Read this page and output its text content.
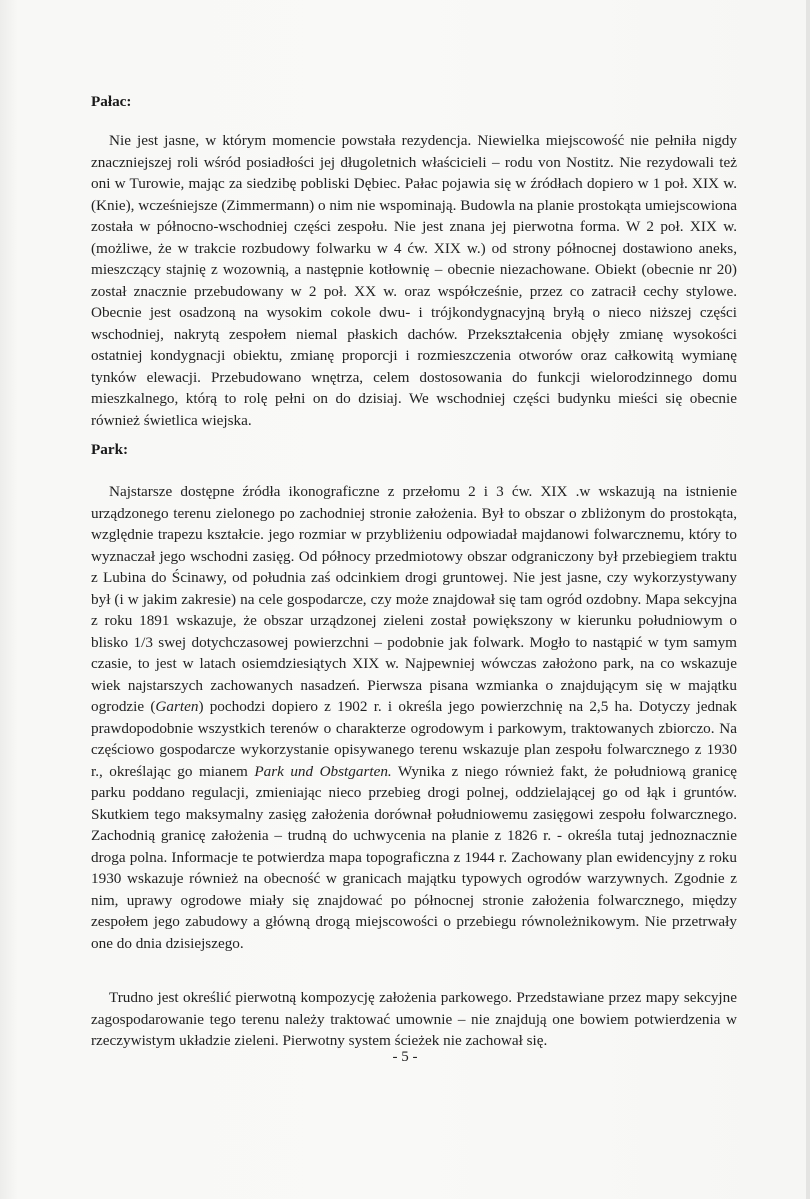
Pałac:

Nie jest jasne, w którym momencie powstała rezydencja. Niewielka miejscowość nie pełniła nigdy znaczniejszej roli wśród posiadłości jej długoletnich właścicieli – rodu von Nostitz. Nie rezydowali też oni w Turowie, mając za siedzibę pobliski Dębiec. Pałac pojawia się w źródłach dopiero w 1 poł. XIX w. (Knie), wcześniejsze (Zimmermann) o nim nie wspominają. Budowla na planie prostokąta umiejscowiona została w północno-wschodniej części zespołu. Nie jest znana jej pierwotna forma. W 2 poł. XIX w. (możliwe, że w trakcie rozbudowy folwarku w 4 ćw. XIX w.) od strony północnej dostawiono aneks, mieszczący stajnię z wozownią, a następnie kotłownię – obecnie niezachowane. Obiekt (obecnie nr 20) został znacznie przebudowany w 2 poł. XX w. oraz współcześnie, przez co zatracił cechy stylowe. Obecnie jest osadzoną na wysokim cokole dwu- i trójkondygnacyjną bryłą o nieco niższej części wschodniej, nakrytą zespołem niemal płaskich dachów. Przekształcenia objęły zmianę wysokości ostatniej kondygnacji obiektu, zmianę proporcji i rozmieszczenia otworów oraz całkowitą wymianę tynków elewacji. Przebudowano wnętrza, celem dostosowania do funkcji wielorodzinnego domu mieszkalnego, którą to rolę pełni on do dzisiaj. We wschodniej części budynku mieści się obecnie również świetlica wiejska.

Park:

Najstarsze dostępne źródła ikonograficzne z przełomu 2 i 3 ćw. XIX .w wskazują na istnienie urządzonego terenu zielonego po zachodniej stronie założenia. Był to obszar o zbliżonym do prostokąta, względnie trapezu kształcie. jego rozmiar w przybliżeniu odpowiadał majdanowi folwarcznemu, który to wyznaczał jego wschodni zasięg. Od północy przedmiotowy obszar odgraniczony był przebiegiem traktu z Lubina do Ścinawy, od południa zaś odcinkiem drogi gruntowej. Nie jest jasne, czy wykorzystywany był (i w jakim zakresie) na cele gospodarcze, czy może znajdował się tam ogród ozdobny. Mapa sekcyjna z roku 1891 wskazuje, że obszar urządzonej zieleni został powiększony w kierunku południowym o blisko 1/3 swej dotychczasowej powierzchni – podobnie jak folwark. Mogło to nastąpić w tym samym czasie, to jest w latach osiemdziesiątych XIX w. Najpewniej wówczas założono park, na co wskazuje wiek najstarszych zachowanych nasadzeń. Pierwsza pisana wzmianka o znajdującym się w majątku ogrodzie (Garten) pochodzi dopiero z 1902 r. i określa jego powierzchnię na 2,5 ha. Dotyczy jednak prawdopodobnie wszystkich terenów o charakterze ogrodowym i parkowym, traktowanych zbiorczo. Na częściowo gospodarcze wykorzystanie opisywanego terenu wskazuje plan zespołu folwarcznego z 1930 r., określając go mianem Park und Obstgarten. Wynika z niego również fakt, że południową granicę parku poddano regulacji, zmieniając nieco przebieg drogi polnej, oddzielającej go od łąk i gruntów. Skutkiem tego maksymalny zasięg założenia dorównał południowemu zasięgowi zespołu folwarcznego. Zachodnią granicę założenia – trudną do uchwycenia na planie z 1826 r. - określa tutaj jednoznacznie droga polna. Informacje te potwierdza mapa topograficzna z 1944 r. Zachowany plan ewidencyjny z roku 1930 wskazuje również na obecność w granicach majątku typowych ogrodów warzywnych. Zgodnie z nim, uprawy ogrodowe miały się znajdować po północnej stronie założenia folwarcznego, między zespołem jego zabudowy a główną drogą miejscowości o przebiegu równoleżnikowym. Nie przetrwały one do dnia dzisiejszego.

Trudno jest określić pierwotną kompozycję założenia parkowego. Przedstawiane przez mapy sekcyjne zagospodarowanie tego terenu należy traktować umownie – nie znajdują one bowiem potwierdzenia w rzeczywistym układzie zieleni. Pierwotny system ścieżek nie zachował się.

- 5 -
